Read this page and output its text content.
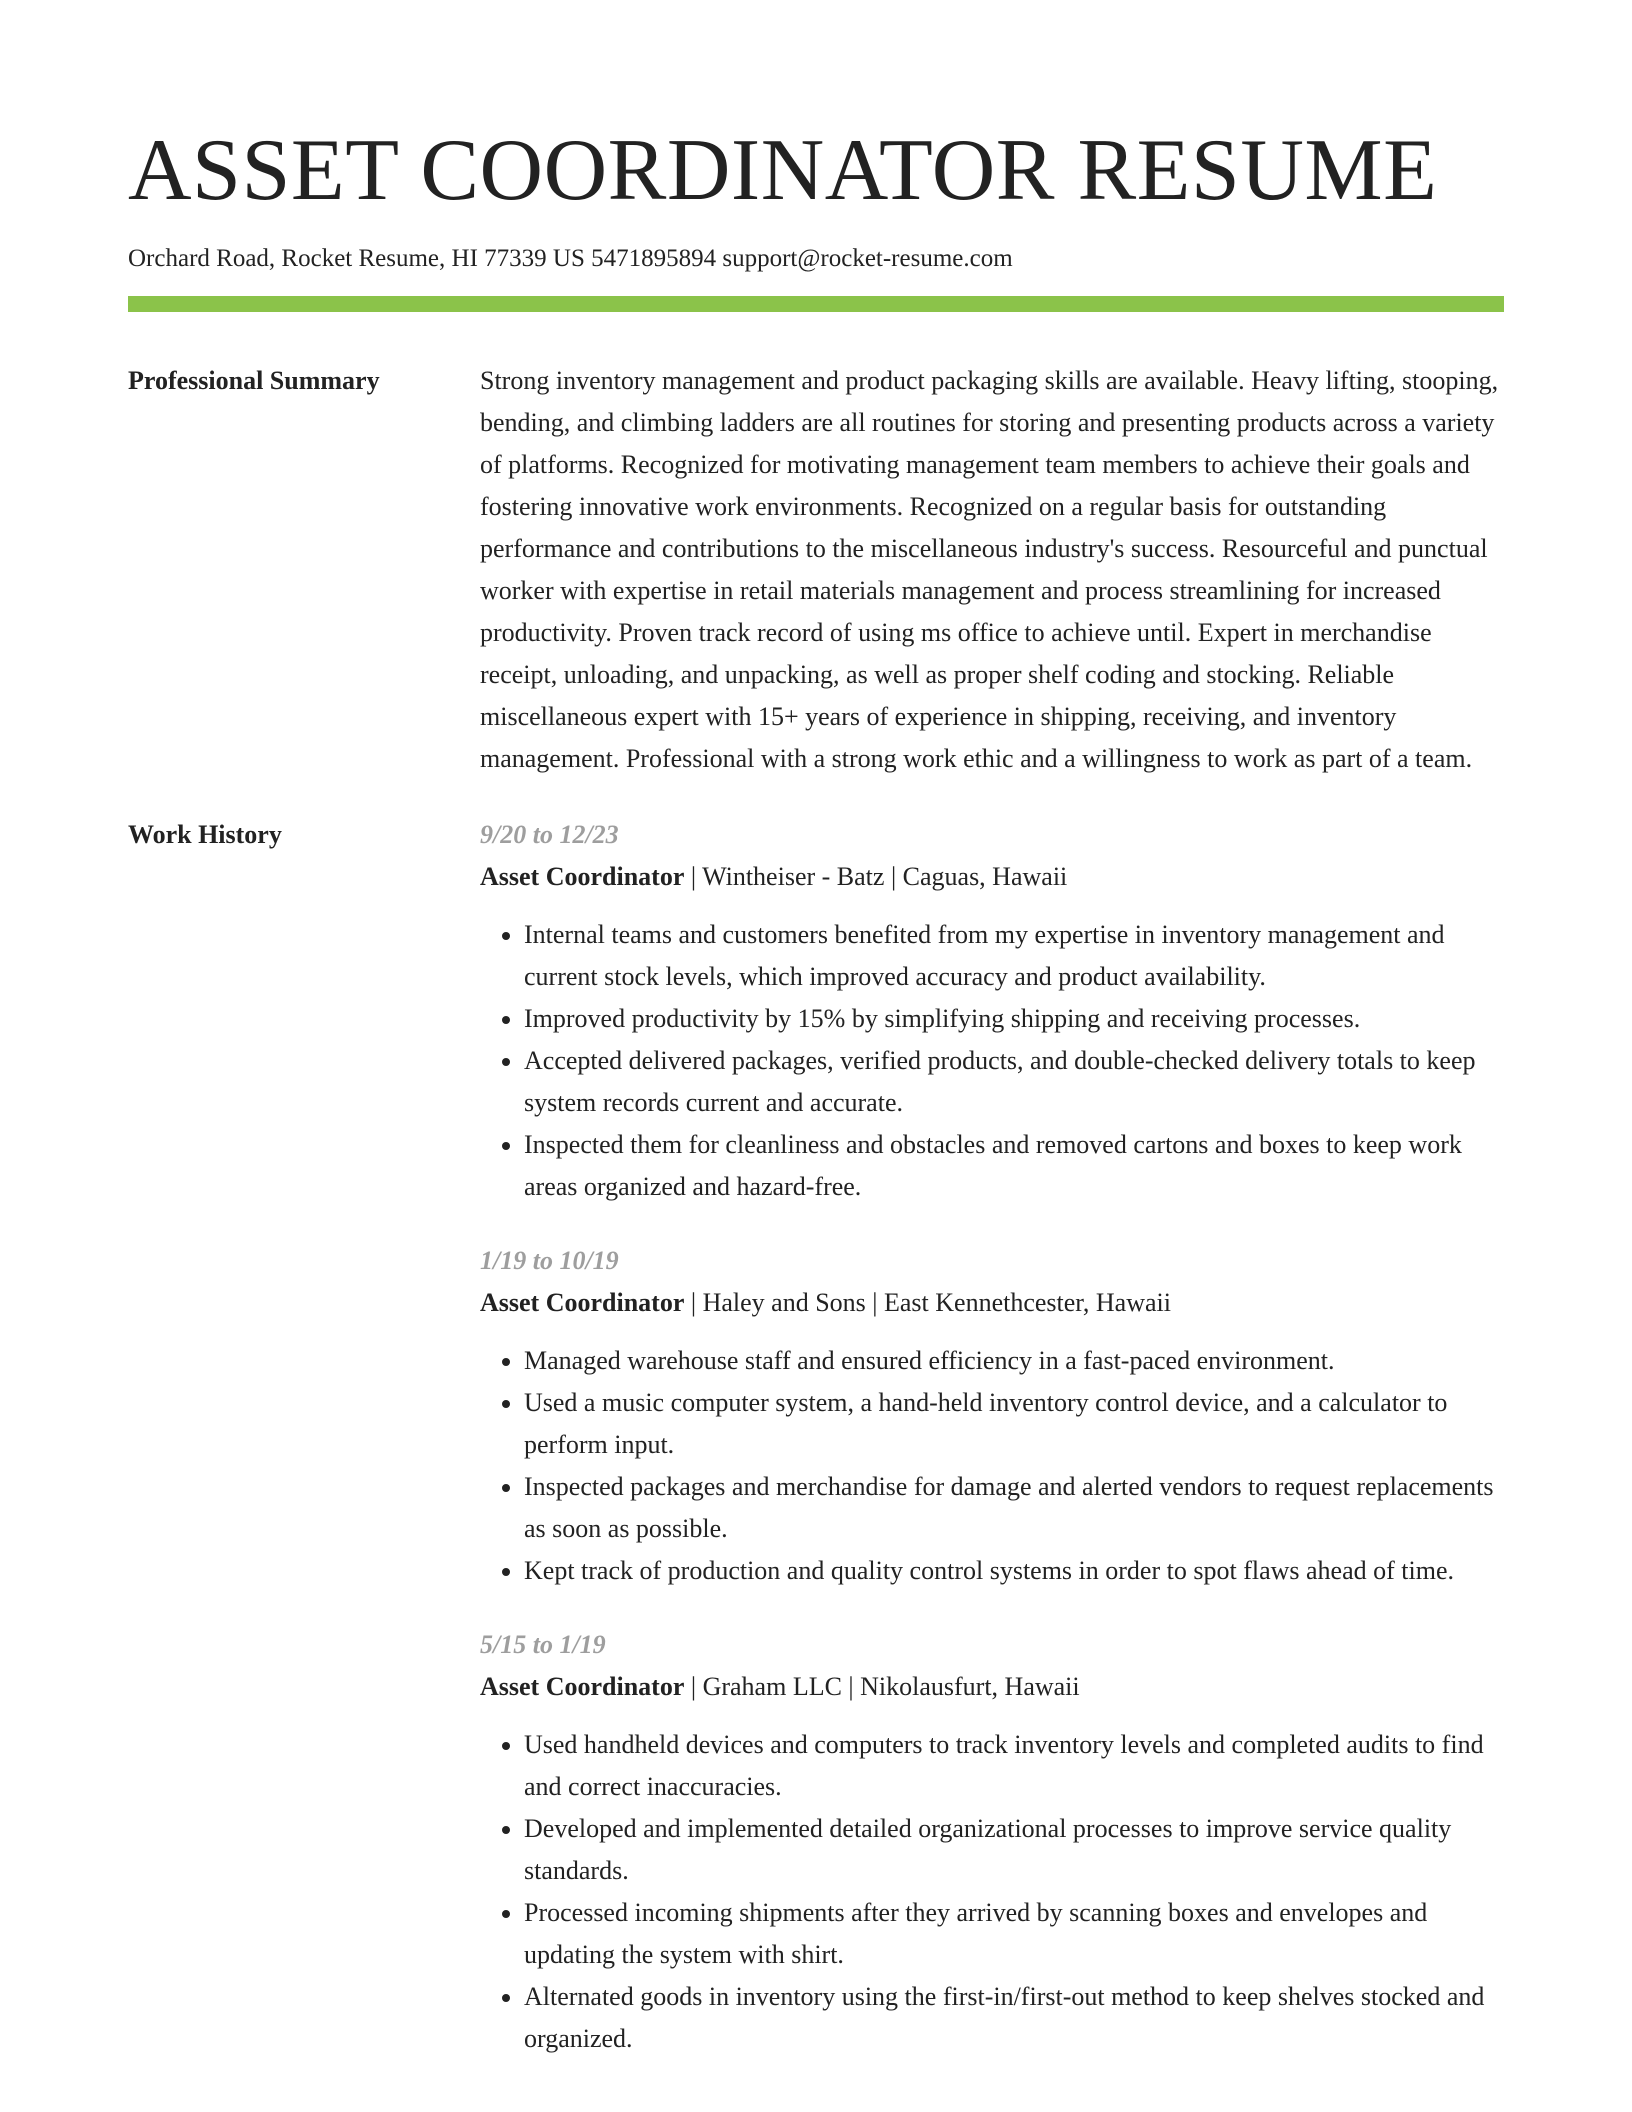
ASSET COORDINATOR RESUME
Orchard Road, Rocket Resume, HI 77339 US 5471895894 support@rocket-resume.com
Professional Summary	Strong inventory management and product packaging skills are available. Heavy lifting, stooping, bending, and climbing ladders are all routines for storing and presenting products across a variety of platforms. Recognized for motivating management team members to achieve their goals and fostering innovative work environments. Recognized on a regular basis for outstanding performance and contributions to the miscellaneous industry's success. Resourceful and punctual worker with expertise in retail materials management and process streamlining for increased productivity. Proven track record of using ms office to achieve until. Expert in merchandise receipt, unloading, and unpacking, as well as proper shelf coding and stocking. Reliable miscellaneous expert with 15+ years of experience in shipping, receiving, and inventory management. Professional with a strong work ethic and a willingness to work as part of a team.

Work History	9/20 to 12/23
Asset Coordinator | Wintheiser - Batz | Caguas, Hawaii
• Internal teams and customers benefited from my expertise in inventory management and current stock levels, which improved accuracy and product availability.
• Improved productivity by 15% by simplifying shipping and receiving processes.
• Accepted delivered packages, verified products, and double-checked delivery totals to keep system records current and accurate.
• Inspected them for cleanliness and obstacles and removed cartons and boxes to keep work areas organized and hazard-free.
1/19 to 10/19
Asset Coordinator | Haley and Sons | East Kennethcester, Hawaii
• Managed warehouse staff and ensured efficiency in a fast-paced environment.
• Used a music computer system, a hand-held inventory control device, and a calculator to perform input.
• Inspected packages and merchandise for damage and alerted vendors to request replacements as soon as possible.
• Kept track of production and quality control systems in order to spot flaws ahead of time.
5/15 to 1/19
Asset Coordinator | Graham LLC | Nikolausfurt, Hawaii
• Used handheld devices and computers to track inventory levels and completed audits to find and correct inaccuracies.
• Developed and implemented detailed organizational processes to improve service quality standards.
• Processed incoming shipments after they arrived by scanning boxes and envelopes and updating the system with shirt.
• Alternated goods in inventory using the first-in/first-out method to keep shelves stocked and organized.
